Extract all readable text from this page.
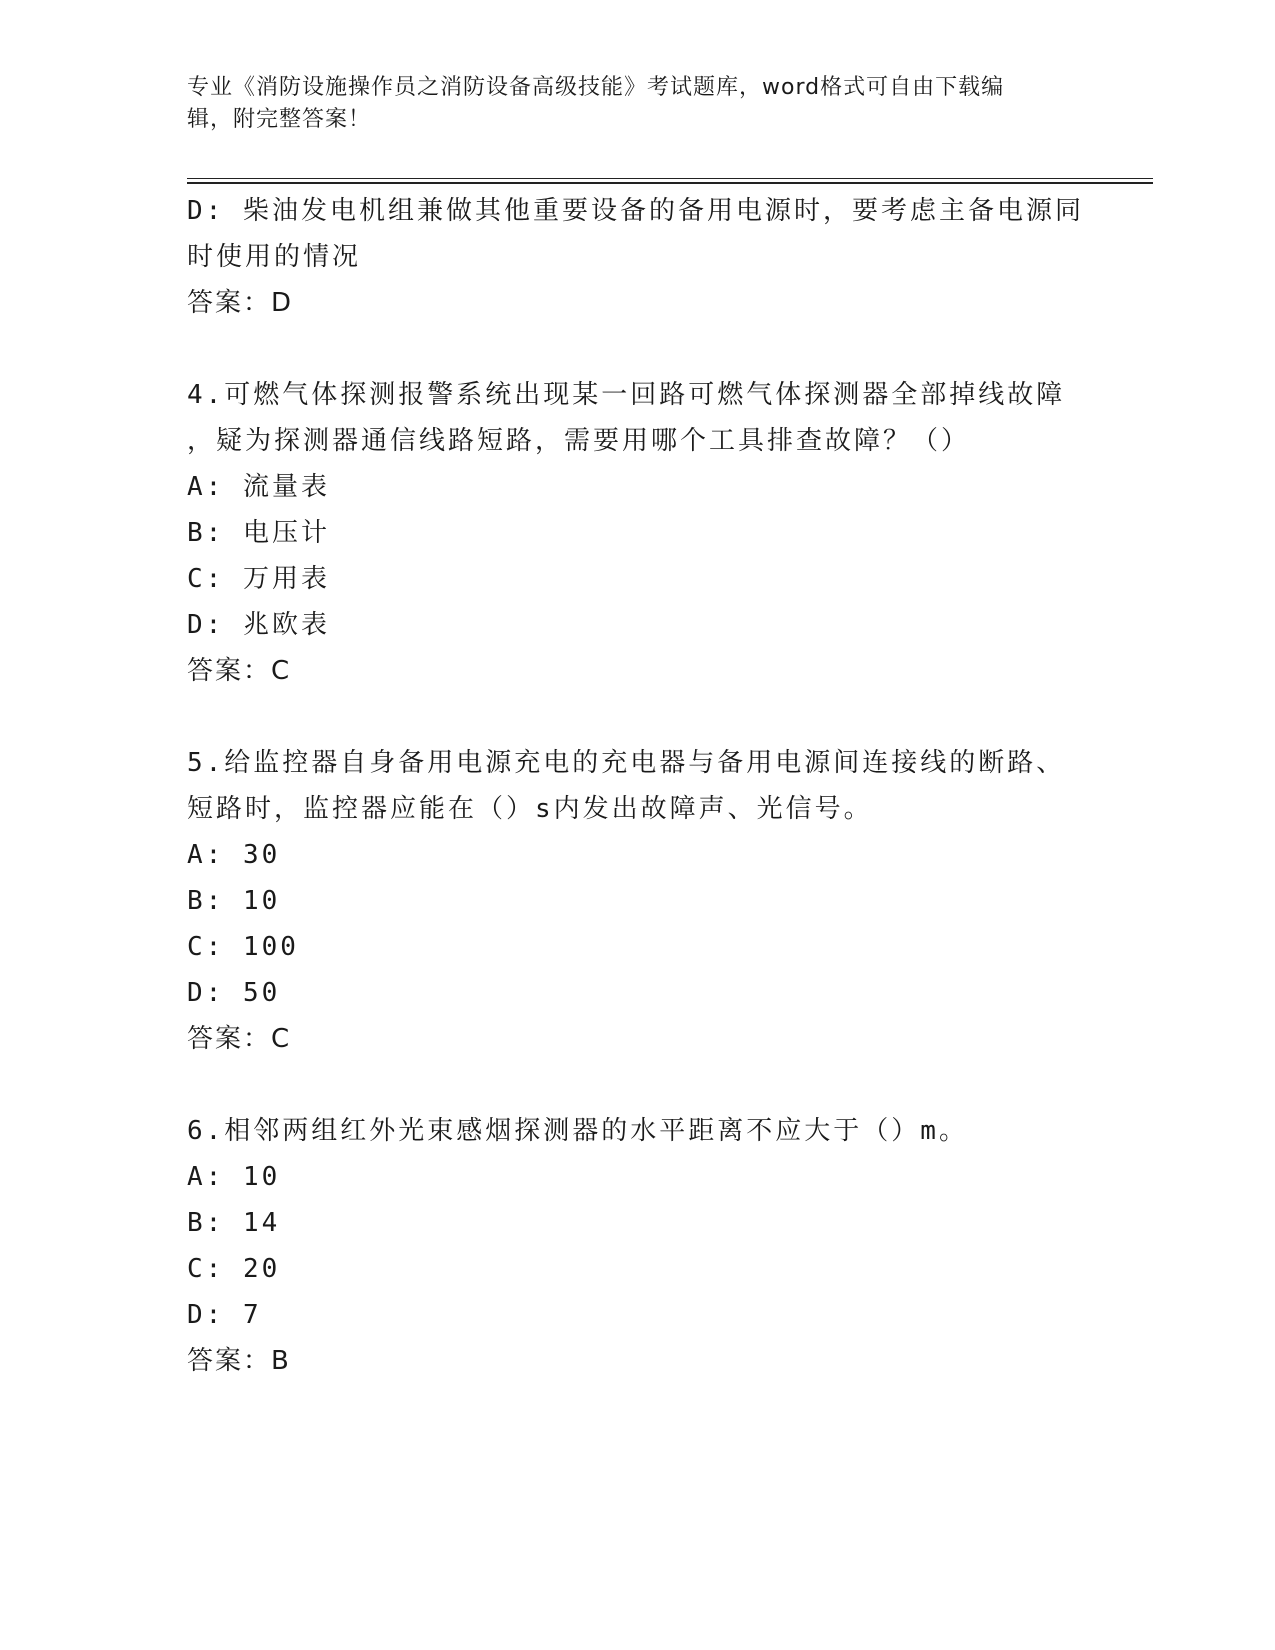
专业《消防设施操作员之消防设备高级技能》考试题库，word格式可自由下载编
辑，附完整答案！
D: 柴油发电机组兼做其他重要设备的备用电源时，要考虑主备电源同
时使用的情况
答案：D
4.可燃气体探测报警系统出现某一回路可燃气体探测器全部掉线故障
，疑为探测器通信线路短路，需要用哪个工具排查故障？（）
A: 流量表
B: 电压计
C: 万用表
D: 兆欧表
答案：C
5.给监控器自身备用电源充电的充电器与备用电源间连接线的断路、
短路时，监控器应能在（）s内发出故障声、光信号。
A: 30
B: 10
C: 100
D: 50
答案：C
6.相邻两组红外光束感烟探测器的水平距离不应大于（）m。
A: 10
B: 14
C: 20
D: 7
答案：B
